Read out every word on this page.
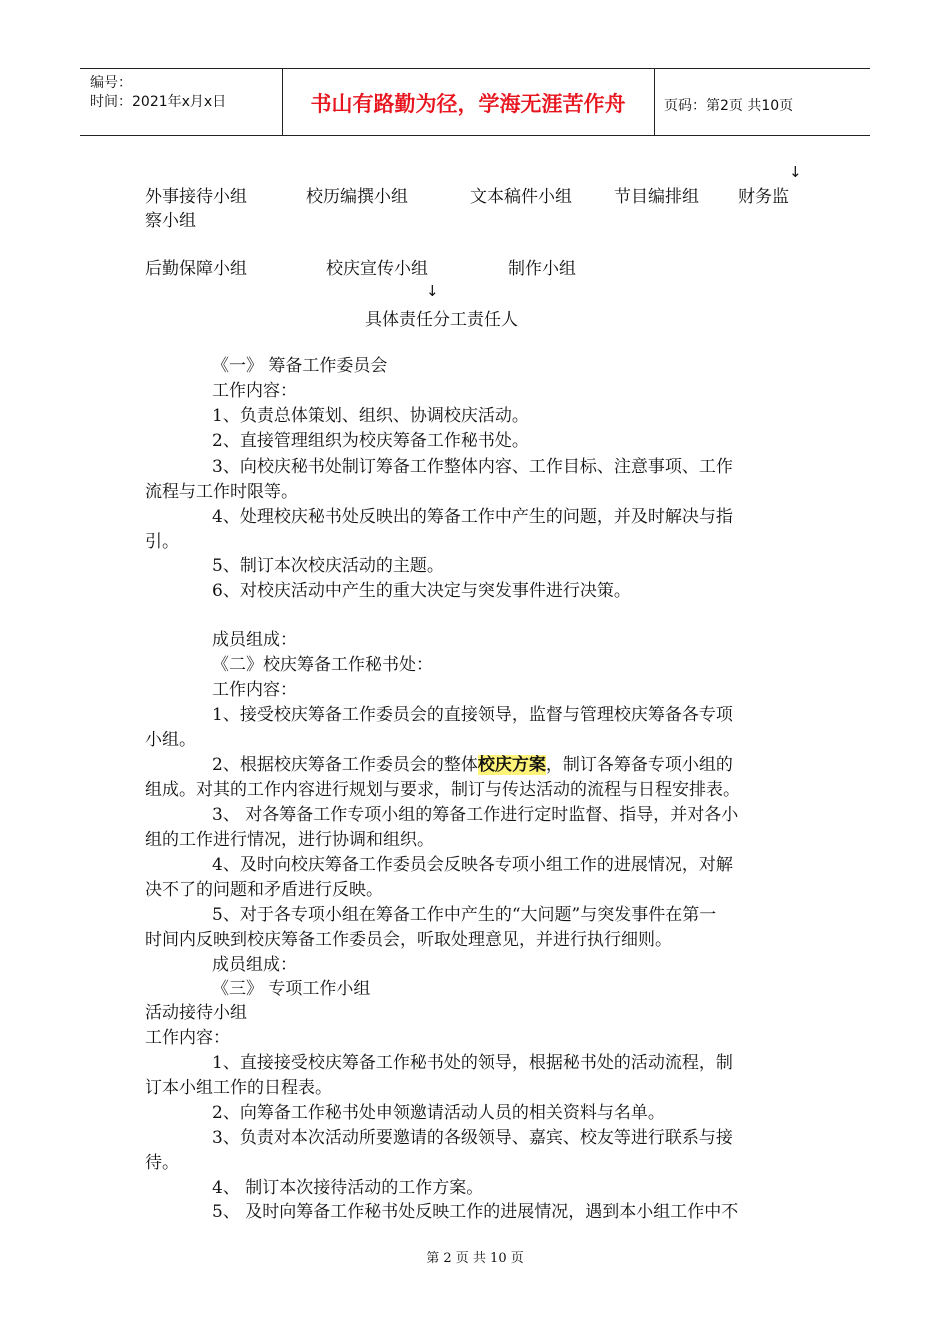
编号：
时间：2021年x月x日	书山有路勤为径，学海无涯苦作舟	页码：第2页 共10页
↓
外事接待小组	校历编撰小组	文本稿件小组 节目编排组 财务监
察小组
后勤保障小组	校庆宣传小组	制作小组
↓
具体责任分工责任人
《一》 筹备工作委员会
工作内容：
1、负责总体策划、组织、协调校庆活动。
2、直接管理组织为校庆筹备工作秘书处。
3、向校庆秘书处制订筹备工作整体内容、工作目标、注意事项、工作
流程与工作时限等。
4、处理校庆秘书处反映出的筹备工作中产生的问题，并及时解决与指
引。
5、制订本次校庆活动的主题。
6、对校庆活动中产生的重大决定与突发事件进行决策。
成员组成：
《二》校庆筹备工作秘书处：
工作内容：
1、接受校庆筹备工作委员会的直接领导，监督与管理校庆筹备各专项
小组。
2、根据校庆筹备工作委员会的整体校庆方案，制订各筹备专项小组的
组成。对其的工作内容进行规划与要求，制订与传达活动的流程与日程安排表。
3、 对各筹备工作专项小组的筹备工作进行定时监督、指导，并对各小
组的工作进行情况，进行协调和组织。
4、及时向校庆筹备工作委员会反映各专项小组工作的进展情况，对解
决不了的问题和矛盾进行反映。
5、对于各专项小组在筹备工作中产生的“大问题”与突发事件在第一
时间内反映到校庆筹备工作委员会，听取处理意见，并进行执行细则。
成员组成：
《三》 专项工作小组
活动接待小组
工作内容：
1、直接接受校庆筹备工作秘书处的领导，根据秘书处的活动流程，制
订本小组工作的日程表。
2、向筹备工作秘书处申领邀请活动人员的相关资料与名单。
3、负责对本次活动所要邀请的各级领导、嘉宾、校友等进行联系与接
待。
4、 制订本次接待活动的工作方案。
5、 及时向筹备工作秘书处反映工作的进展情况，遇到本小组工作中不
第 2 页 共 10 页
